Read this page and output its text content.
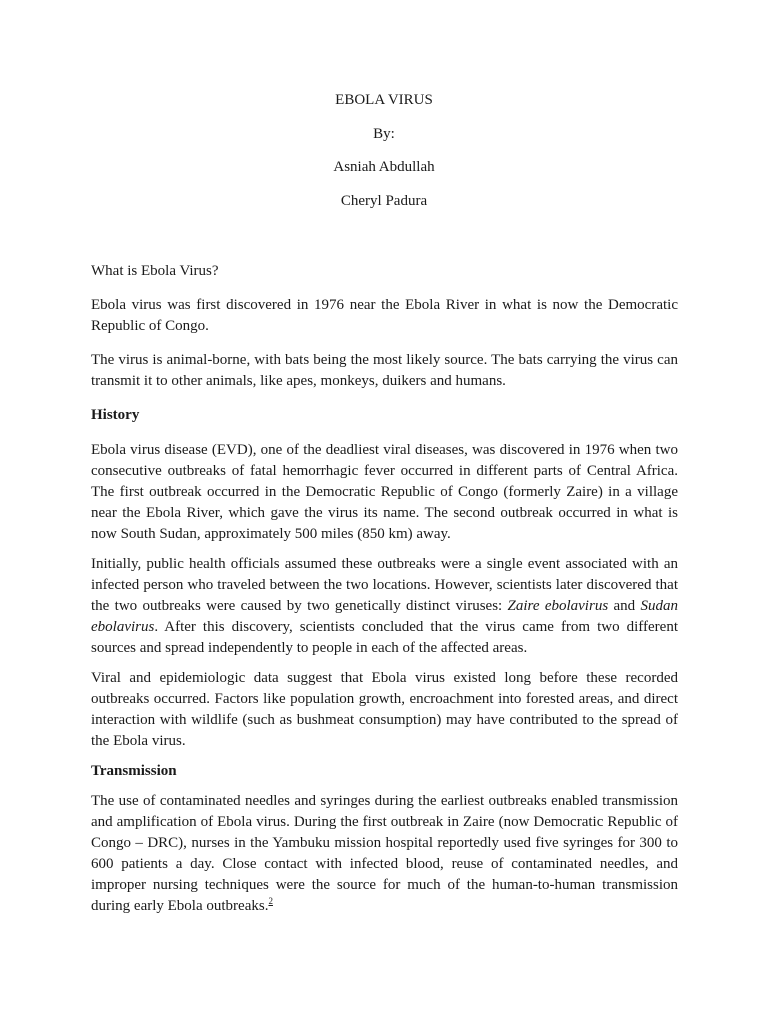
EBOLA VIRUS
By:
Asniah Abdullah
Cheryl Padura

What is Ebola Virus?

Ebola virus was first discovered in 1976 near the Ebola River in what is now the Democratic Republic of Congo.

The virus is animal-borne, with bats being the most likely source. The bats carrying the virus can transmit it to other animals, like apes, monkeys, duikers and humans.

History

Ebola virus disease (EVD), one of the deadliest viral diseases, was discovered in 1976 when two consecutive outbreaks of fatal hemorrhagic fever occurred in different parts of Central Africa. The first outbreak occurred in the Democratic Republic of Congo (formerly Zaire) in a village near the Ebola River, which gave the virus its name. The second outbreak occurred in what is now South Sudan, approximately 500 miles (850 km) away.

Initially, public health officials assumed these outbreaks were a single event associated with an infected person who traveled between the two locations. However, scientists later discovered that the two outbreaks were caused by two genetically distinct viruses: Zaire ebolavirus and Sudan ebolavirus. After this discovery, scientists concluded that the virus came from two different sources and spread independently to people in each of the affected areas.

Viral and epidemiologic data suggest that Ebola virus existed long before these recorded outbreaks occurred. Factors like population growth, encroachment into forested areas, and direct interaction with wildlife (such as bushmeat consumption) may have contributed to the spread of the Ebola virus.

Transmission

The use of contaminated needles and syringes during the earliest outbreaks enabled transmission and amplification of Ebola virus. During the first outbreak in Zaire (now Democratic Republic of Congo – DRC), nurses in the Yambuku mission hospital reportedly used five syringes for 300 to 600 patients a day. Close contact with infected blood, reuse of contaminated needles, and improper nursing techniques were the source for much of the human-to-human transmission during early Ebola outbreaks.$^2$
